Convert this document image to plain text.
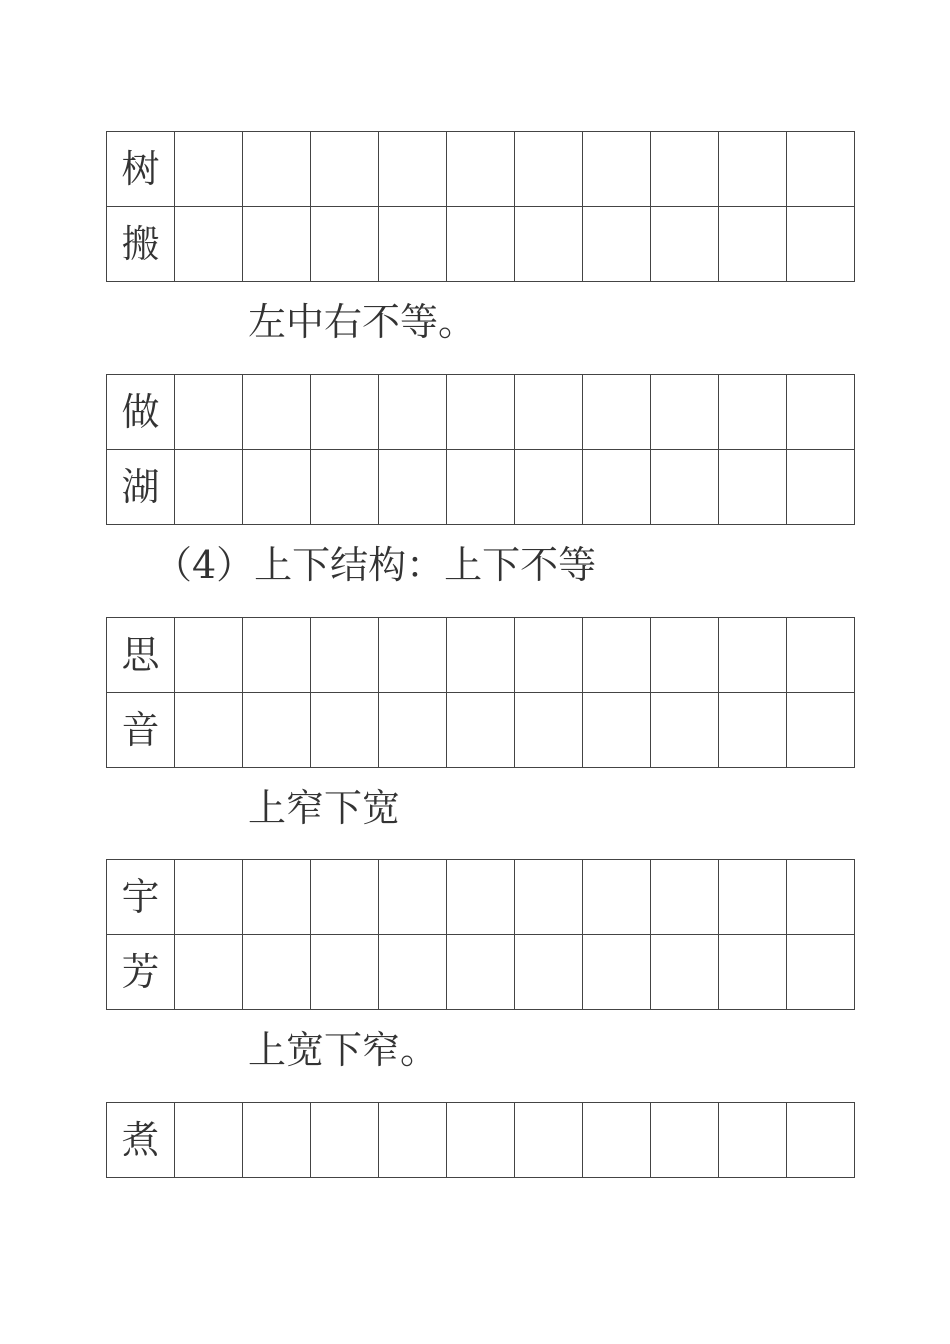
树										
搬										
左中右不等。
做										
湖										
（4）上下结构：上下不等
思										
音										
上窄下宽
宇										
芳										
上宽下窄。
煮										
